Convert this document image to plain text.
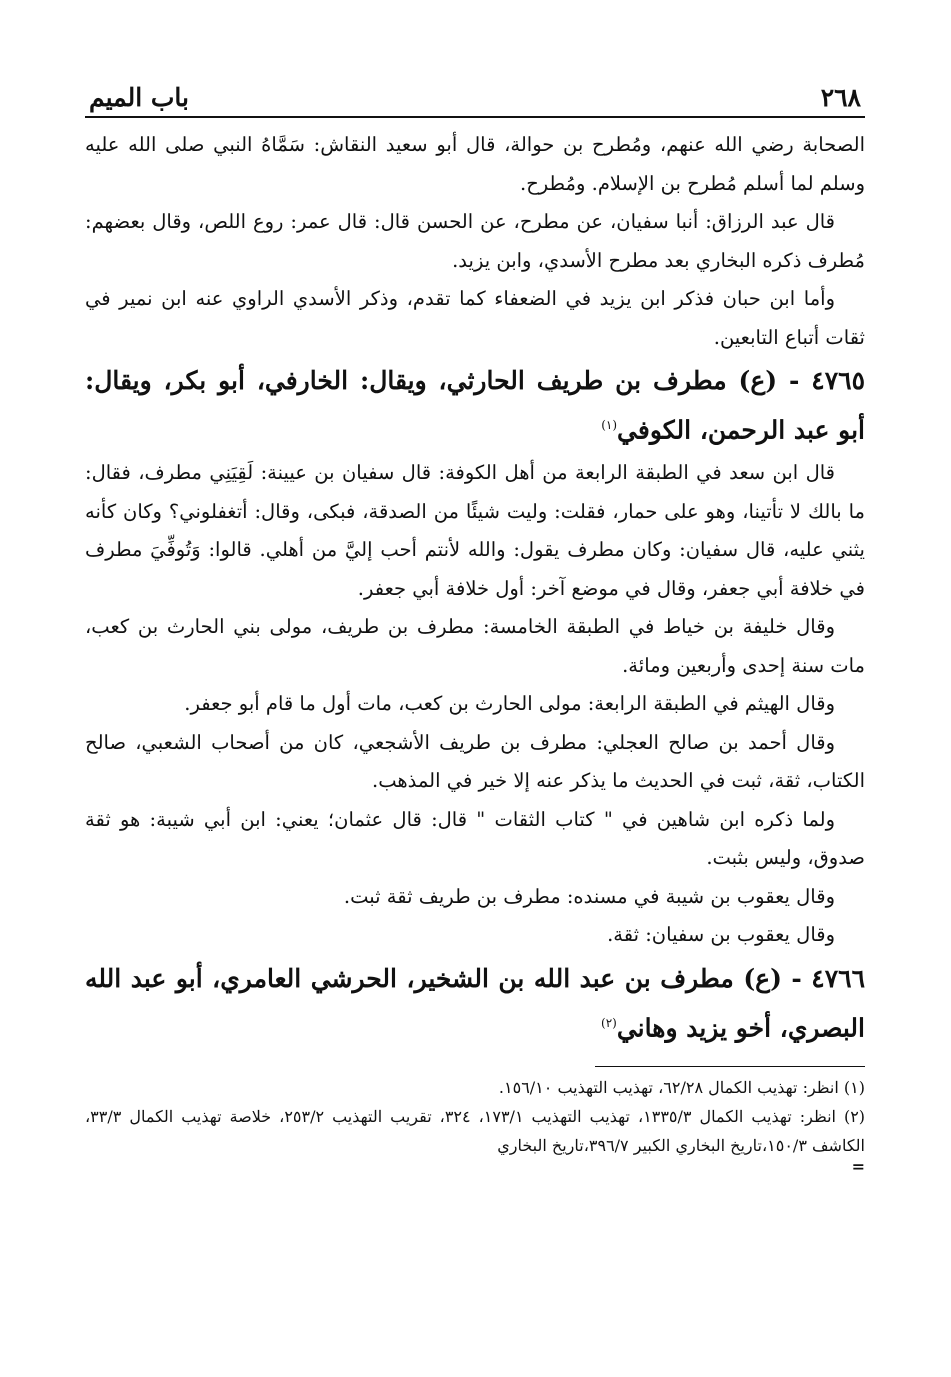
٢٦٨
باب الميم

الصحابة رضي الله عنهم، ومُطرح بن حوالة، قال أبو سعيد النقاش: سَمَّاهُ النبي صلى الله عليه وسلم لما أسلم مُطرح بن الإسلام. ومُطرح.

قال عبد الرزاق: أنبا سفيان، عن مطرح، عن الحسن قال: قال عمر: روع اللص، وقال بعضهم: مُطرف ذكره البخاري بعد مطرح الأسدي، وابن يزيد.

وأما ابن حبان فذكر ابن يزيد في الضعفاء كما تقدم، وذكر الأسدي الراوي عنه ابن نمير في ثقات أتباع التابعين.

٤٧٦٥ - (ع) مطرف بن طريف الحارثي، ويقال: الخارفي، أبو بكر، ويقال: أبو عبد الرحمن، الكوفي$^{(١)}$

قال ابن سعد في الطبقة الرابعة من أهل الكوفة: قال سفيان بن عيينة: لَقِيَنِي مطرف، فقال: ما بالك لا تأتينا، وهو على حمار، فقلت: وليت شيئًا من الصدقة، فبكى، وقال: أتغفلوني؟ وكان كأنه يثني عليه، قال سفيان: وكان مطرف يقول: والله لأنتم أحب إليَّ من أهلي. قالوا: وَتُوفِّيَ مطرف في خلافة أبي جعفر، وقال في موضع آخر: أول خلافة أبي جعفر.

وقال خليفة بن خياط في الطبقة الخامسة: مطرف بن طريف، مولى بني الحارث بن كعب، مات سنة إحدى وأربعين ومائة.

وقال الهيثم في الطبقة الرابعة: مولى الحارث بن كعب، مات أول ما قام أبو جعفر.

وقال أحمد بن صالح العجلي: مطرف بن طريف الأشجعي، كان من أصحاب الشعبي، صالح الكتاب، ثقة، ثبت في الحديث ما يذكر عنه إلا خير في المذهب.

ولما ذكره ابن شاهين في " كتاب الثقات " قال: قال عثمان؛ يعني: ابن أبي شيبة: هو ثقة صدوق، وليس بثبت.

وقال يعقوب بن شيبة في مسنده: مطرف بن طريف ثقة ثبت.

وقال يعقوب بن سفيان: ثقة.

٤٧٦٦ - (ع) مطرف بن عبد الله بن الشخير، الحرشي العامري، أبو عبد الله البصري، أخو يزيد وهاني$^{(٢)}$

(١) انظر: تهذيب الكمال ٦٢/٢٨، تهذيب التهذيب ١٥٦/١٠.

(٢) انظر: تهذيب الكمال ١٣٣٥/٣، تهذيب التهذيب ١٧٣/١، ٣٢٤، تقريب التهذيب ٢٥٣/٢، خلاصة تهذيب الكمال ٣٣/٣، الكاشف ١٥٠/٣،تاريخ البخاري الكبير ٣٩٦/٧،تاريخ البخاري

=
